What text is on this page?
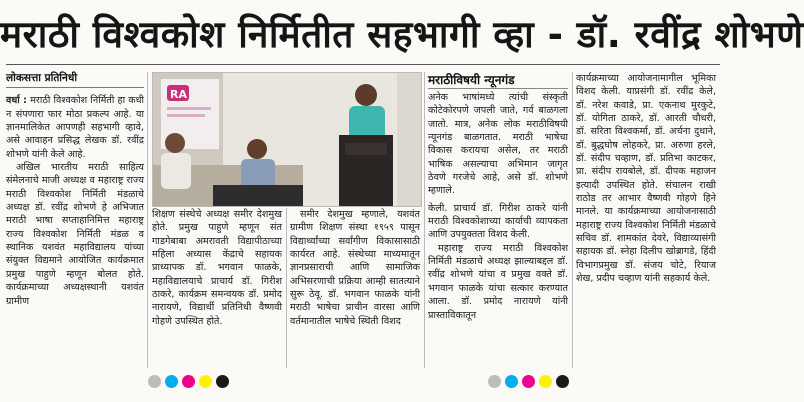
मराठी विश्वकोश निर्मितीत सहभागी व्हा - डॉ. रवींद्र शोभणे
लोकसत्ता प्रतिनिधी

वर्धा : मराठी विश्वकोश निर्मिती हा कधी न संपणारा फार मोठा प्रकल्प आहे. या ज्ञानमालिकेत आपणही सहभागी व्हावे, असे आवाहन प्रसिद्ध लेखक डॉ. रवींद्र शोभणे यांनी केले आहे.

अखिल भारतीय मराठी साहित्य संमेलनाचे माजी अध्यक्ष व महाराष्ट्र राज्य मराठी विश्वकोश निर्मिती मंडळाचे अध्यक्ष डॉ. रवींद्र शोभणे हे अभिजात मराठी भाषा सप्ताहानिमित्त महाराष्ट्र राज्य विश्वकोश निर्मिती मंडळ व स्थानिक यशवंत महाविद्यालय यांच्या संयुक्त विद्यमाने आयोजित कार्यक्रमात प्रमुख पाहुणे म्हणून बोलत होते. कार्यक्रमाच्या अध्यक्षस्थानी यशवंत ग्रामीण

RA

शिक्षण संस्थेचे अध्यक्ष समीर देशमुख होते. प्रमुख पाहुणे म्हणून संत गाडगेबाबा अमरावती विद्यापीठाच्या महिला अध्यास केंद्राचे सहायक प्राध्यापक डॉ. भगवान फाळके, महाविद्यालयाचे प्राचार्य डॉ. गिरीश ठाकरे, कार्यक्रम समन्वयक डॉ. प्रमोद नारायणे, विद्यार्थी प्रतिनिधी वैष्णवी गोहणे उपस्थित होते.

समीर देशमुख म्हणाले, यशवंत ग्रामीण शिक्षण संस्था १९५९ पासून विद्यार्थ्यांच्या सर्वांगीण विकासासाठी कार्यरत आहे. संस्थेच्या माध्यमातून ज्ञानप्रसाराची आणि सामाजिक अभिसरणाची प्रक्रिया आम्ही सातत्याने सुरू ठेवू. डॉ. भगवान फाळके यांनी मराठी भाषेचा प्राचीन वारसा आणि वर्तमानातील भाषेचे स्थिती विशद

मराठीविषयी न्यूनगंड

अनेक भाषांमध्ये त्यांची संस्कृती कोटेकोरपणे जपली जाते, गर्व बाळगला जातो. मात्र, अनेक लोक मराठीविषयी न्यूनगंड बाळगतात. मराठी भाषेचा विकास करायचा असेल, तर मराठी भाषिक असल्याचा अभिमान जागृत ठेवणे गरजेचे आहे, असे डॉ. शोभणे म्हणाले.

केली. प्राचार्य डॉ. गिरीश ठाकरे यांनी मराठी विश्वकोशाच्या कार्याची व्यापकता आणि उपयुक्तता विशद केली.

महाराष्ट्र राज्य मराठी विश्वकोश निर्मिती मंडळाचे अध्यक्ष झाल्याबद्दल डॉ. रवींद्र शोभणे यांचा व प्रमुख वक्ते डॉ. भगवान फाळके यांचा सत्कार करण्यात आला. डॉ. प्रमोद नारायणे यांनी प्रास्ताविकातून

कार्यक्रमाच्या आयोजनामागील भूमिका विशद केली. याप्रसंगी डॉ. रवींद्र केले, डॉ. नरेश कवाडे, प्रा. एकनाथ मुरकुटे, डॉ. योगिता ठाकरे, डॉ. आरती चौधरी, डॉ. सरिता विश्वकर्मा, डॉ. अर्चना दुधाने, डॉ. बुद्धघोष लोहकरे, प्रा. अरुणा हरले, डॉ. संदीप चव्हाण, डॉ. प्रतिभा काटकर, प्रा. संदीप रायबोले, डॉ. दीपक महाजन इत्यादी उपस्थित होते. संचालन राखी राठोड तर आभार वैष्णवी गोहणे हिने मानले. या कार्यक्रमाच्या आयोजनासाठी महाराष्ट्र राज्य विश्वकोश निर्मिती मंडळाचे सचिव डॉ. शामकांत देवरे, विद्याव्यासंगी सहायक डॉ. स्नेहा दिलीप खोब्रागडे, हिंदी विभागप्रमुख डॉ. संजय चोटे, रियाज शेख, प्रदीप चव्हाण यांनी सहकार्य केले.
